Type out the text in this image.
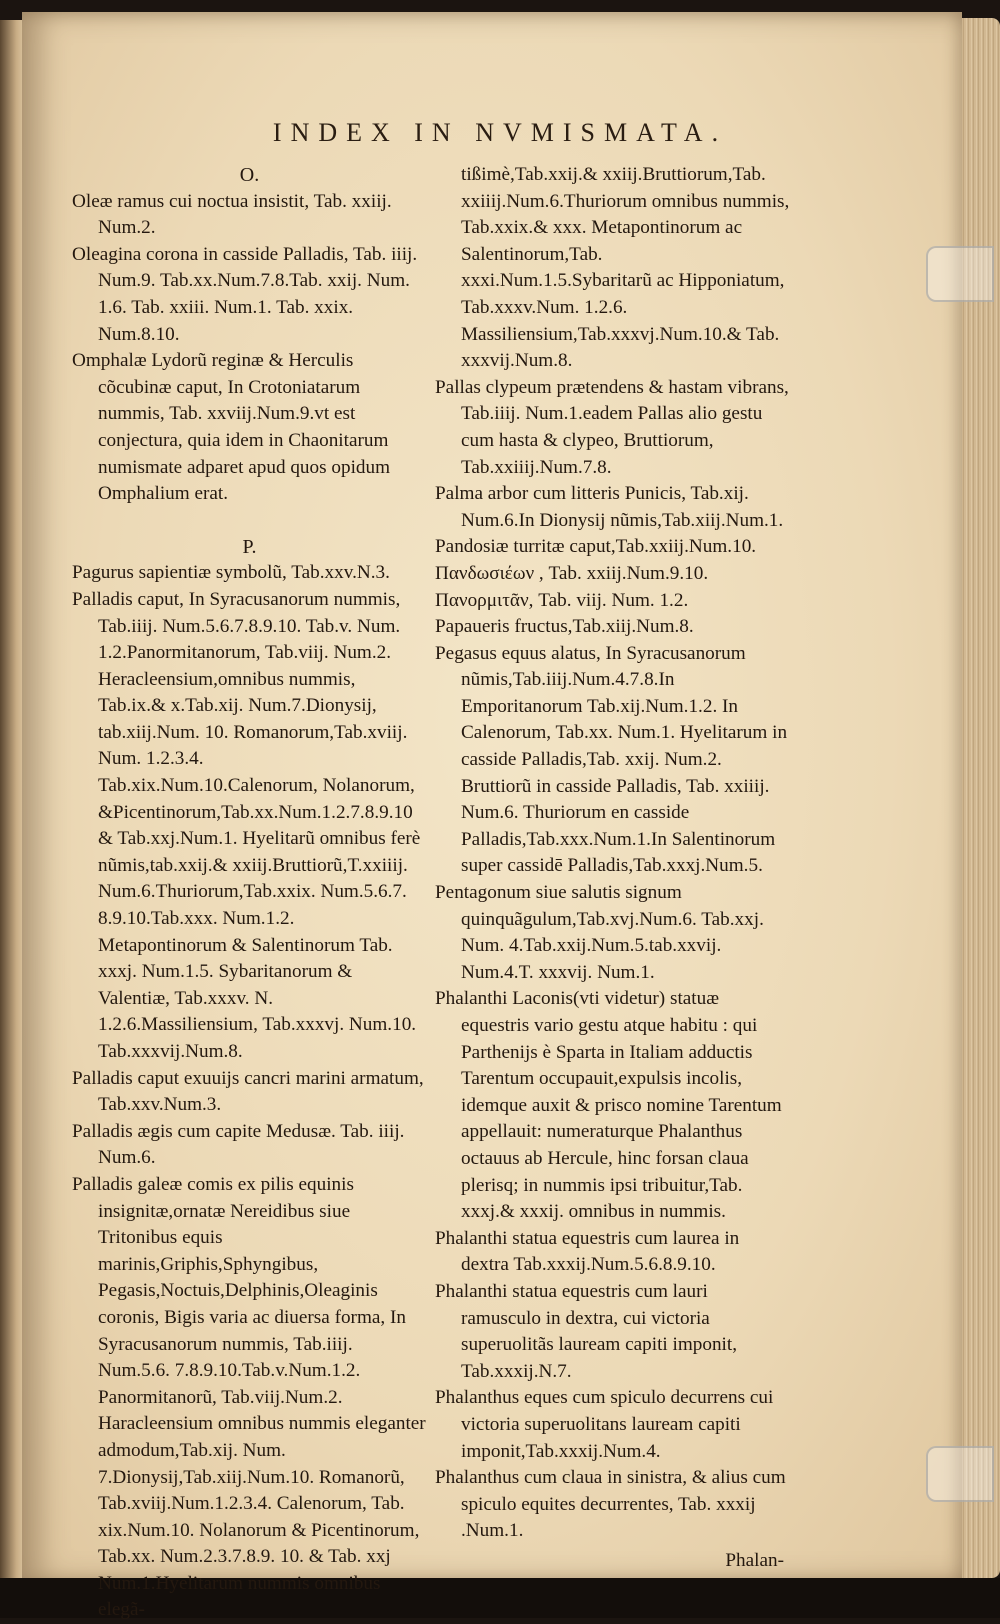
INDEX IN NVMISMATA.
O.
Oleæ ramus cui noctua insistit, Tab. xxiij. Num.2.
Oleagina corona in casside Palladis, Tab. iiij. Num.9. Tab.xx.Num.7.8.Tab. xxij. Num. 1.6. Tab. xxiii. Num.1. Tab. xxix. Num.8.10.
Omphalæ Lydorũ reginæ & Herculis cõcubinæ caput, In Crotoniatarum nummis, Tab. xxviij.Num.9.vt est conjectura, quia idem in Chaonitarum numismate adparet apud quos opidum Omphalium erat.
P.
Pagurus sapientiæ symbolũ, Tab.xxv.N.3.
Palladis caput, In Syracusanorum nummis, Tab.iiij. Num.5.6.7.8.9.10. Tab.v. Num. 1.2.Panormitanorum, Tab.viij. Num.2. Heracleensium,omnibus nummis, Tab.ix.& x.Tab.xij. Num.7.Dionysij, tab.xiij.Num. 10. Romanorum,Tab.xviij. Num. 1.2.3.4. Tab.xix.Num.10.Calenorum, Nolanorum, &Picentinorum,Tab.xx.Num.1.2.7.8.9.10 & Tab.xxj.Num.1. Hyelitarũ omnibus ferè nũmis,tab.xxij.& xxiij.Bruttiorũ,T.xxiiij. Num.6.Thuriorum,Tab.xxix. Num.5.6.7. 8.9.10.Tab.xxx. Num.1.2. Metapontinorum & Salentinorum Tab. xxxj. Num.1.5. Sybaritanorum & Valentiæ, Tab.xxxv. N. 1.2.6.Massiliensium, Tab.xxxvj. Num.10. Tab.xxxvij.Num.8.
Palladis caput exuuijs cancri marini armatum, Tab.xxv.Num.3.
Palladis ægis cum capite Medusæ. Tab. iiij. Num.6.
Palladis galeæ comis ex pilis equinis insignitæ,ornatæ Nereidibus siue Tritonibus equis marinis,Griphis,Sphyngibus, Pegasis,Noctuis,Delphinis,Oleaginis coronis, Bigis varia ac diuersa forma, In Syracusanorum nummis, Tab.iiij. Num.5.6. 7.8.9.10.Tab.v.Num.1.2. Panormitanorũ, Tab.viij.Num.2. Haracleensium omnibus nummis eleganter admodum,Tab.xij. Num. 7.Dionysij,Tab.xiij.Num.10. Romanorũ, Tab.xviij.Num.1.2.3.4. Calenorum, Tab. xix.Num.10. Nolanorum & Picentinorum, Tab.xx. Num.2.3.7.8.9. 10. & Tab. xxj Num.1.Hyelitarum nummis omnibus elegã-
tißimè,Tab.xxij.& xxiij.Bruttiorum,Tab. xxiiij.Num.6.Thuriorum omnibus nummis, Tab.xxix.& xxx. Metapontinorum ac Salentinorum,Tab. xxxi.Num.1.5.Sybaritarũ ac Hipponiatum, Tab.xxxv.Num. 1.2.6. Massiliensium,Tab.xxxvj.Num.10.& Tab. xxxvij.Num.8.
Pallas clypeum prætendens & hastam vibrans, Tab.iiij. Num.1.eadem Pallas alio gestu cum hasta & clypeo, Bruttiorum, Tab.xxiiij.Num.7.8.
Palma arbor cum litteris Punicis, Tab.xij. Num.6.In Dionysij nũmis,Tab.xiij.Num.1.
Pandosiæ turritæ caput,Tab.xxiij.Num.10.
Πανδωσιέων , Tab. xxiij.Num.9.10.
Πανορμιτᾶν, Tab. viij. Num. 1.2.
Papaueris fructus,Tab.xiij.Num.8.
Pegasus equus alatus, In Syracusanorum nũmis,Tab.iiij.Num.4.7.8.In Emporitanorum Tab.xij.Num.1.2. In Calenorum, Tab.xx. Num.1. Hyelitarum in casside Palladis,Tab. xxij. Num.2. Bruttiorũ in casside Palladis, Tab. xxiiij. Num.6. Thuriorum en casside Palladis,Tab.xxx.Num.1.In Salentinorum super cassidē Palladis,Tab.xxxj.Num.5.
Pentagonum siue salutis signum quinquãgulum,Tab.xvj.Num.6. Tab.xxj. Num. 4.Tab.xxij.Num.5.tab.xxvij. Num.4.T. xxxvij. Num.1.
Phalanthi Laconis(vti videtur) statuæ equestris vario gestu atque habitu : qui Parthenijs è Sparta in Italiam adductis Tarentum occupauit,expulsis incolis, idemque auxit & prisco nomine Tarentum appellauit: numeraturque Phalanthus octauus ab Hercule, hinc forsan claua plerisq; in nummis ipsi tribuitur,Tab. xxxj.& xxxij. omnibus in nummis.
Phalanthi statua equestris cum laurea in dextra Tab.xxxij.Num.5.6.8.9.10.
Phalanthi statua equestris cum lauri ramusculo in dextra, cui victoria superuolitãs lauream capiti imponit, Tab.xxxij.N.7.
Phalanthus eques cum spiculo decurrens cui victoria superuolitans lauream capiti imponit,Tab.xxxij.Num.4.
Phalanthus cum claua in sinistra, & alius cum spiculo equites decurrentes, Tab. xxxij .Num.1.
Phalan-
